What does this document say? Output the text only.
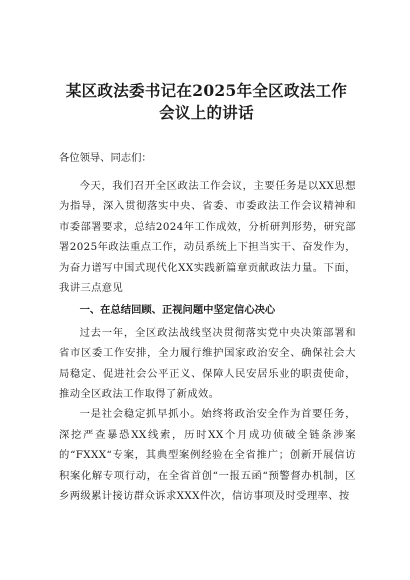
某区政法委书记在2025年全区政法工作
会议上的讲话

各位领导、同志们：

今天，我们召开全区政法工作会议，主要任务是以XX思想为指导，深入贯彻落实中央、省委、市委政法工作会议精神和市委部署要求，总结2024年工作成效，分析研判形势，研究部署2025年政法重点工作，动员系统上下担当实干、奋发作为，为奋力谱写中国式现代化XX实践新篇章贡献政法力量。下面，我讲三点意见

一、在总结回顾、正视问题中坚定信心决心

过去一年，全区政法战线坚决贯彻落实党中央决策部署和省市区委工作安排，全力履行维护国家政治安全、确保社会大局稳定、促进社会公平正义、保障人民安居乐业的职责使命，推动全区政法工作取得了新成效。

一是社会稳定抓早抓小。始终将政治安全作为首要任务，深挖严查暴恐XX线索，历时XX个月成功侦破全链条涉案的“FXXX“专案，其典型案例经验在全省推广；创新开展信访积案化解专项行动，在全省首创“一报五函“预警督办机制，区乡两级累计接访群众诉求XXX件次，信访事项及时受理率、按
